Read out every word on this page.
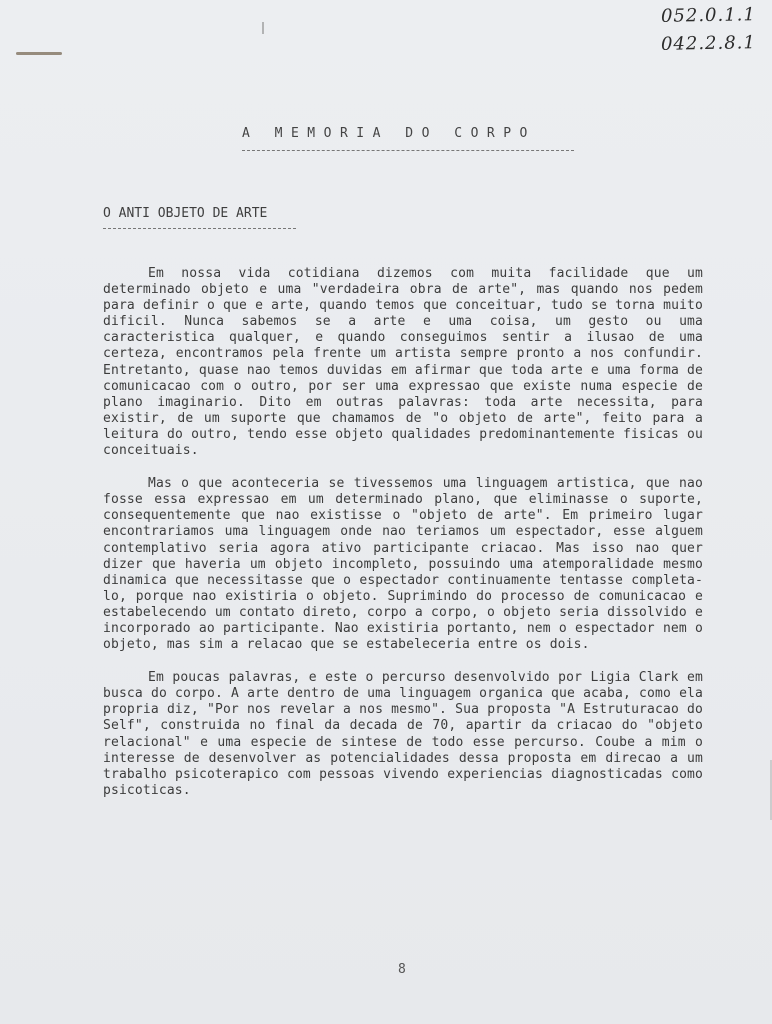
052.0.1.1
042.2.8.1
A MEMORIA DO CORPO
O ANTI OBJETO DE ARTE

Em nossa vida cotidiana dizemos com muita facilidade que um determinado objeto e uma "verdadeira obra de arte", mas quando nos pedem para definir o que e arte, quando temos que conceituar, tudo se torna muito dificil. Nunca sabemos se a arte e uma coisa, um gesto ou uma caracteristica qualquer, e quando conseguimos sentir a ilusao de uma certeza, encontramos pela frente um artista sempre pronto a nos confundir. Entretanto, quase nao temos duvidas em afirmar que toda arte e uma forma de comunicacao com o outro, por ser uma expressao que existe numa especie de plano imaginario. Dito em outras palavras: toda arte necessita, para existir, de um suporte que chamamos de "o objeto de arte", feito para a leitura do outro, tendo esse objeto qualidades predominantemente fisicas ou conceituais.

Mas o que aconteceria se tivessemos uma linguagem artistica, que nao fosse essa expressao em um determinado plano, que eliminasse o suporte, consequentemente que nao existisse o "objeto de arte". Em primeiro lugar encontrariamos uma linguagem onde nao teriamos um espectador, esse alguem contemplativo seria agora ativo participante criacao. Mas isso nao quer dizer que haveria um objeto incompleto, possuindo uma atemporalidade mesmo dinamica que necessitasse que o espectador continuamente tentasse completa-lo, porque nao existiria o objeto. Suprimindo do processo de comunicacao e estabelecendo um contato direto, corpo a corpo, o objeto seria dissolvido e incorporado ao participante. Nao existiria portanto, nem o espectador nem o objeto, mas sim a relacao que se estabeleceria entre os dois.

Em poucas palavras, e este o percurso desenvolvido por Ligia Clark em busca do corpo. A arte dentro de uma linguagem organica que acaba, como ela propria diz, "Por nos revelar a nos mesmo". Sua proposta "A Estruturacao do Self", construida no final da decada de 70, apartir da criacao do "objeto relacional" e uma especie de sintese de todo esse percurso. Coube a mim o interesse de desenvolver as potencialidades dessa proposta em direcao a um trabalho psicoterapico com pessoas vivendo experiencias diagnosticadas como psicoticas.

8
